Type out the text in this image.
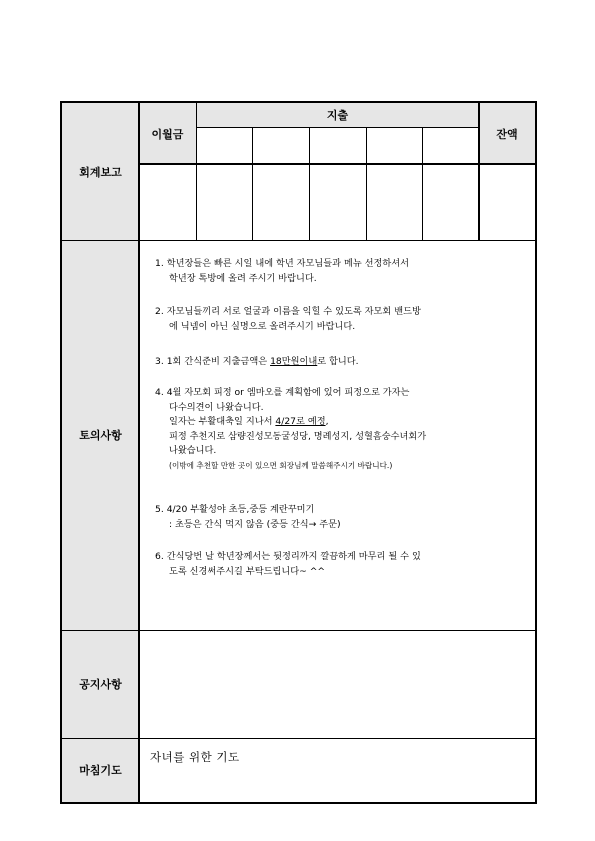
회계보고
이월금
지출
잔액
토의사항
공지사항
마침기도
1. 학년장들은 빠른 시일 내에 학년 자모님들과 메뉴 선정하셔서
학년장 톡방에 올려 주시기 바랍니다.
2. 자모님들끼리 서로 얼굴과 이름을 익힐 수 있도록 자모회 밴드방
에 닉넴이 아닌 실명으로 올려주시기 바랍니다.
3. 1회 간식준비 지출금액은 18만원이내로 합니다.
4. 4월 자모회 피정 or 엠마오를 계획함에 있어 피정으로 가자는
다수의견이 나왔습니다.
일자는 부활대축일 지나서 4/27로 예정,
피정 추천지로 삼량진성모동굴성당, 명례성지, 성혈흠숭수녀회가
나왔습니다.
(이밖에 추천할 만한 곳이 있으면 회장님께 말씀해주시기 바랍니다.)
5. 4/20 부활성야 초등,중등 계란꾸미기
: 초등은 간식 먹지 않음 (중등 간식→ 주문)
6. 간식당번 날 학년장께서는 뒷정리까지 깔끔하게 마무리 될 수 있
도록 신경써주시길 부탁드립니다~ ^^
자녀를 위한 기도
